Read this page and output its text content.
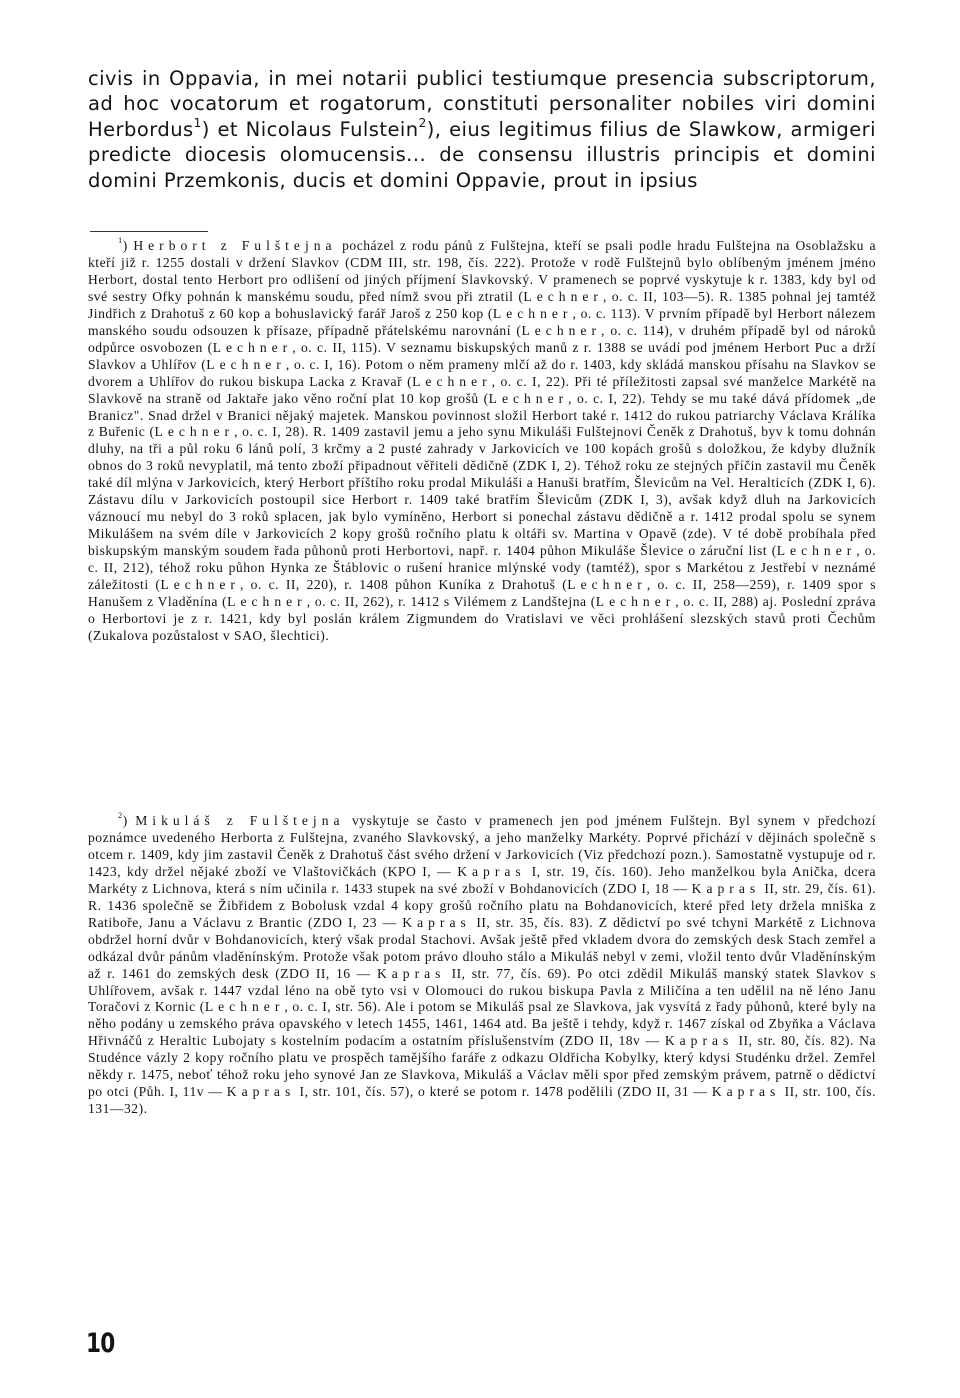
civis in Oppavia, in mei notarii publici testiumque presencia subscriptorum, ad hoc vocatorum et rogatorum, constituti personaliter nobiles viri domini Herbordus$^1$) et Nicolaus Fulstein$^2$), eius legitimus filius de Slawkow, armigeri predicte diocesis olomucensis... de consensu illustris principis et domini domini Przemkonis, ducis et domini Oppavie, prout in ipsius

$^1$) Herbort z Fulštejna pocházel z rodu pánů z Fulštejna, kteří se psali podle hradu Fulštejna na Osoblažsku a kteří již r. 1255 dostali v držení Slavkov (CDM III, str. 198, čís. 222). Protože v rodě Fulštejnů bylo oblíbeným jménem jméno Herbort, dostal tento Herbort pro odlišení od jiných příjmení Slavkovský. V pramenech se poprvé vyskytuje k r. 1383, kdy byl od své sestry Ofky pohnán k manskému soudu, před nímž svou při ztratil (Lechner, o. c. II, 103—5). R. 1385 pohnal jej tamtéž Jindřich z Drahotuš z 60 kop a bohuslavický farář Jaroš z 250 kop (Lechner, o. c. 113). V prvním případě byl Herbort nálezem manského soudu odsouzen k přísaze, případně přátelskému narovnání (Lechner, o. c. 114), v druhém případě byl od nároků odpůrce osvobozen (Lechner, o. c. II, 115). V seznamu biskupských manů z r. 1388 se uvádí pod jménem Herbort Puc a drží Slavkov a Uhlířov (Lechner, o. c. I, 16). Potom o něm prameny mlčí až do r. 1403, kdy skládá manskou přísahu na Slavkov se dvorem a Uhlířov do rukou biskupa Lacka z Kravař (Lechner, o. c. I, 22). Při té příležitosti zapsal své manželce Markétě na Slavkově na straně od Jaktaře jako věno roční plat 10 kop grošů (Lechner, o. c. I, 22). Tehdy se mu také dává přídomek „de Branicz". Snad držel v Branici nějaký majetek. Manskou povinnost složil Herbort také r. 1412 do rukou patriarchy Václava Králíka z Buřenic (Lechner, o. c. I, 28). R. 1409 zastavil jemu a jeho synu Mikuláši Fulštejnovi Čeněk z Drahotuš, byv k tomu dohnán dluhy, na tři a půl roku 6 lánů polí, 3 krčmy a 2 pusté zahrady v Jarkovicích ve 100 kopách grošů s doložkou, že kdyby dlužník obnos do 3 roků nevyplatil, má tento zboží připadnout věřiteli dědičně (ZDK I, 2). Téhož roku ze stejných příčin zastavil mu Čeněk také díl mlýna v Jarkovicích, který Herbort příštího roku prodal Mikuláši a Hanuši bratřím, Šlevicům na Vel. Heralticích (ZDK I, 6). Zástavu dílu v Jarkovicích postoupil sice Herbort r. 1409 také bratřím Šlevicům (ZDK I, 3), avšak když dluh na Jarkovicích váznoucí mu nebyl do 3 roků splacen, jak bylo vymíněno, Herbort si ponechal zástavu dědičně a r. 1412 prodal spolu se synem Mikulášem na svém díle v Jarkovicích 2 kopy grošů ročního platu k oltáři sv. Martina v Opavě (zde). V té době probíhala před biskupským manským soudem řada půhonů proti Herbortovi, např. r. 1404 půhon Mikuláše Šlevice o záruční list (Lechner, o. c. II, 212), téhož roku půhon Hynka ze Štáblovic o rušení hranice mlýnské vody (tamtéž), spor s Markétou z Jestřebí v neznámé záležitosti (Lechner, o. c. II, 220), r. 1408 půhon Kuníka z Drahotuš (Lechner, o. c. II, 258—259), r. 1409 spor s Hanušem z Vladěnína (Lechner, o. c. II, 262), r. 1412 s Vilémem z Landštejna (Lechner, o. c. II, 288) aj. Poslední zpráva o Herbortovi je z r. 1421, kdy byl poslán králem Zigmundem do Vratislavi ve věci prohlášení slezských stavů proti Čechům (Zukalova pozůstalost v SAO, šlechtici).

$^2$) Mikuláš z Fulštejna vyskytuje se často v pramenech jen pod jménem Fulštejn. Byl synem v předchozí poznámce uvedeného Herborta z Fulštejna, zvaného Slavkovský, a jeho manželky Markéty. Poprvé přichází v dějinách společně s otcem r. 1409, kdy jim zastavil Čeněk z Drahotuš část svého držení v Jarkovicích (Viz předchozí pozn.). Samostatně vystupuje od r. 1423, kdy držel nějaké zboží ve Vlaštovičkách (KPO I, — Kapras I, str. 19, čís. 160). Jeho manželkou byla Anička, dcera Markéty z Lichnova, která s ním učinila r. 1433 stupek na své zboží v Bohdanovicích (ZDO I, 18 — Kapras II, str. 29, čís. 61). R. 1436 společně se Žibřidem z Bobolusk vzdal 4 kopy grošů ročního platu na Bohdanovicích, které před lety držela mniška z Ratiboře, Janu a Václavu z Brantic (ZDO I, 23 — Kapras II, str. 35, čís. 83). Z dědictví po své tchyni Markétě z Lichnova obdržel horní dvůr v Bohdanovicích, který však prodal Stachovi. Avšak ještě před vkladem dvora do zemských desk Stach zemřel a odkázal dvůr pánům vladěnínským. Protože však potom právo dlouho stálo a Mikuláš nebyl v zemi, vložil tento dvůr Vladěnínským až r. 1461 do zemských desk (ZDO II, 16 — Kapras II, str. 77, čís. 69). Po otci zdědil Mikuláš manský statek Slavkov s Uhlířovem, avšak r. 1447 vzdal léno na obě tyto vsi v Olomouci do rukou biskupa Pavla z Miličína a ten udělil na ně léno Janu Toračovi z Kornic (Lechner, o. c. I, str. 56). Ale i potom se Mikuláš psal ze Slavkova, jak vysvítá z řady půhonů, které byly na něho podány u zemského práva opavského v letech 1455, 1461, 1464 atd. Ba ještě i tehdy, když r. 1467 získal od Zbyňka a Václava Hřivnáčů z Heraltic Lubojaty s kostelním podacím a ostatním příslušenstvím (ZDO II, 18v — Kapras II, str. 80, čís. 82). Na Studénce vázly 2 kopy ročního platu ve prospěch tamějšího faráře z odkazu Oldřicha Kobylky, který kdysi Studénku držel. Zemřel někdy r. 1475, neboť téhož roku jeho synové Jan ze Slavkova, Mikuláš a Václav měli spor před zemským právem, patrně o dědictví po otci (Půh. I, 11v — Kapras I, str. 101, čís. 57), o které se potom r. 1478 podělili (ZDO II, 31 — Kapras II, str. 100, čís. 131—32).

10
